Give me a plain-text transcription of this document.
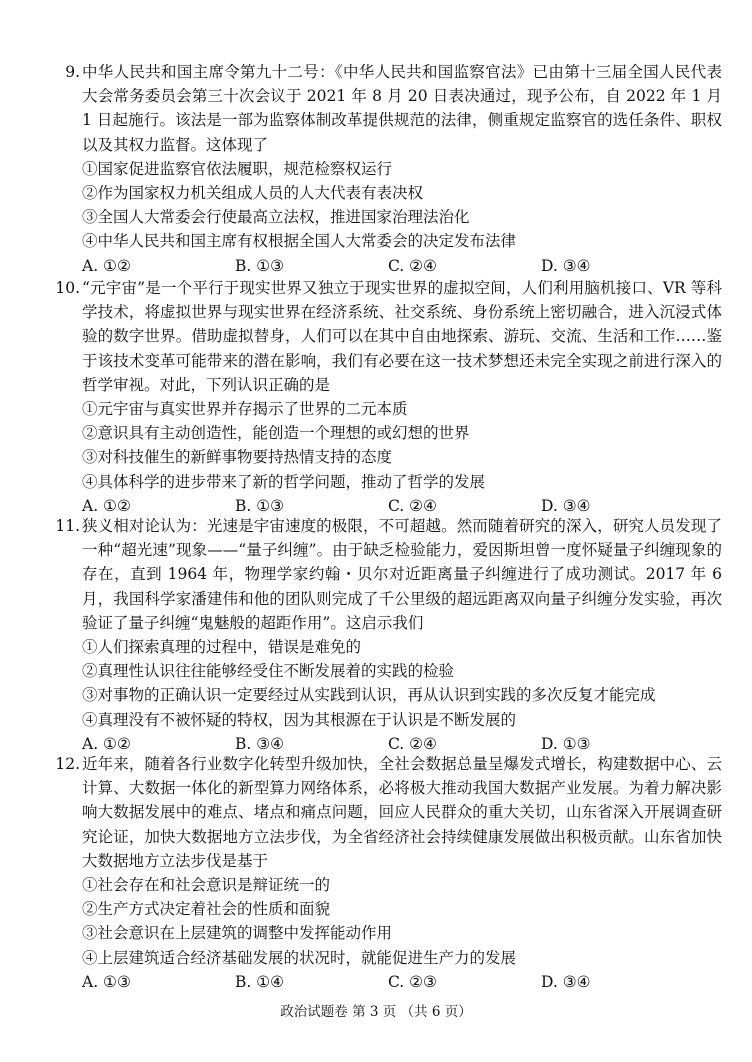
9. 中华人民共和国主席令第九十二号：《中华人民共和国监察官法》已由第十三届全国人民代表大会常务委员会第三十次会议于 2021 年 8 月 20 日表决通过，现予公布，自 2022 年 1 月 1 日起施行。该法是一部为监察体制改革提供规范的法律，侧重规定监察官的选任条件、职权以及其权力监督。这体现了
①国家促进监察官依法履职，规范检察权运行
②作为国家权力机关组成人员的人大代表有表决权
③全国人大常委会行使最高立法权，推进国家治理法治化
④中华人民共和国主席有权根据全国人大常委会的决定发布法律
A. ①②	B. ①③	C. ②④	D. ③④
10. “元宇宙”是一个平行于现实世界又独立于现实世界的虚拟空间，人们利用脑机接口、VR 等科学技术，将虚拟世界与现实世界在经济系统、社交系统、身份系统上密切融合，进入沉浸式体验的数字世界。借助虚拟替身，人们可以在其中自由地探索、游玩、交流、生活和工作……鉴于该技术变革可能带来的潜在影响，我们有必要在这一技术梦想还未完全实现之前进行深入的哲学审视。对此，下列认识正确的是
①元宇宙与真实世界并存揭示了世界的二元本质
②意识具有主动创造性，能创造一个理想的或幻想的世界
③对科技催生的新鲜事物要持热情支持的态度
④具体科学的进步带来了新的哲学问题，推动了哲学的发展
A. ①②	B. ①③	C. ②④	D. ③④
11. 狭义相对论认为：光速是宇宙速度的极限，不可超越。然而随着研究的深入，研究人员发现了一种“超光速”现象——“量子纠缠”。由于缺乏检验能力，爱因斯坦曾一度怀疑量子纠缠现象的存在，直到 1964 年，物理学家约翰・贝尔对近距离量子纠缠进行了成功测试。2017 年 6 月，我国科学家潘建伟和他的团队则完成了千公里级的超远距离双向量子纠缠分发实验，再次验证了量子纠缠“鬼魅般的超距作用”。这启示我们
①人们探索真理的过程中，错误是难免的
②真理性认识往往能够经受住不断发展着的实践的检验
③对事物的正确认识一定要经过从实践到认识，再从认识到实践的多次反复才能完成
④真理没有不被怀疑的特权，因为其根源在于认识是不断发展的
A. ①②	B. ③④	C. ②④	D. ①③
12. 近年来，随着各行业数字化转型升级加快，全社会数据总量呈爆发式增长，构建数据中心、云计算、大数据一体化的新型算力网络体系，必将极大推动我国大数据产业发展。为着力解决影响大数据发展中的难点、堵点和痛点问题，回应人民群众的重大关切，山东省深入开展调查研究论证，加快大数据地方立法步伐，为全省经济社会持续健康发展做出积极贡献。山东省加快大数据地方立法步伐是基于
①社会存在和社会意识是辩证统一的
②生产方式决定着社会的性质和面貌
③社会意识在上层建筑的调整中发挥能动作用
④上层建筑适合经济基础发展的状况时，就能促进生产力的发展
A. ①③	B. ①④	C. ②③	D. ③④
政治试题卷 第 3 页 （共 6 页）
